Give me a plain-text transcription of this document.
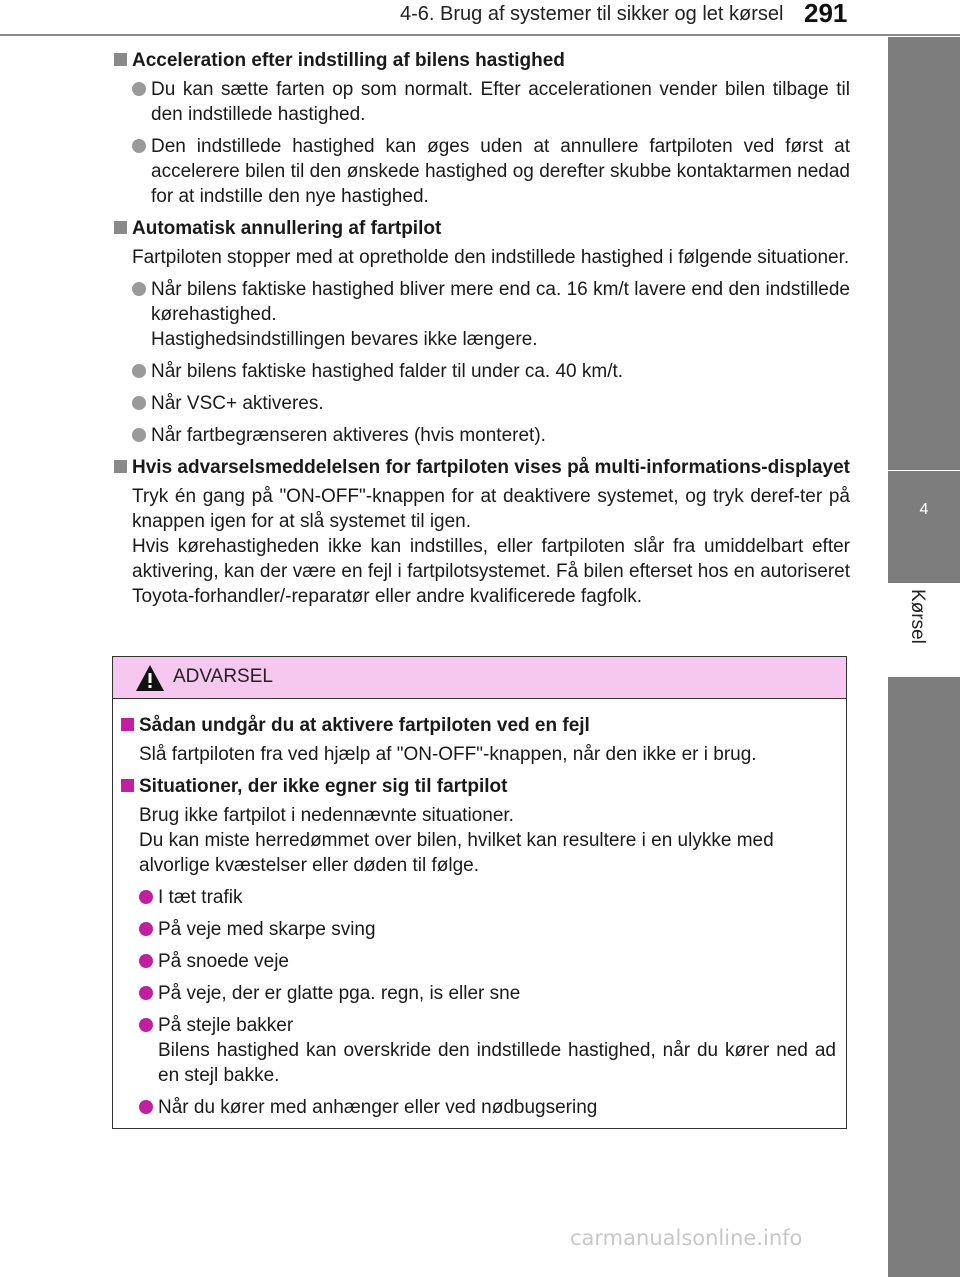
4-6. Brug af systemer til sikker og let kørsel 291
4
Kørsel
Acceleration efter indstilling af bilens hastighed
Du kan sætte farten op som normalt. Efter accelerationen vender bilen tilbage til den indstillede hastighed.
Den indstillede hastighed kan øges uden at annullere fartpiloten ved først at accelerere bilen til den ønskede hastighed og derefter skubbe kontaktarmen nedad for at indstille den nye hastighed.
Automatisk annullering af fartpilot
Fartpiloten stopper med at opretholde den indstillede hastighed i følgende situationer.
Når bilens faktiske hastighed bliver mere end ca. 16 km/t lavere end den indstillede kørehastighed.
Hastighedsindstillingen bevares ikke længere.
Når bilens faktiske hastighed falder til under ca. 40 km/t.
Når VSC+ aktiveres.
Når fartbegrænseren aktiveres (hvis monteret).
Hvis advarselsmeddelelsen for fartpiloten vises på multi-informations-displayet
Tryk én gang på "ON-OFF"-knappen for at deaktivere systemet, og tryk deref-ter på knappen igen for at slå systemet til igen.
Hvis kørehastigheden ikke kan indstilles, eller fartpiloten slår fra umiddelbart efter aktivering, kan der være en fejl i fartpilotsystemet. Få bilen efterset hos en autoriseret Toyota-forhandler/-reparatør eller andre kvalificerede fagfolk.
ADVARSEL
Sådan undgår du at aktivere fartpiloten ved en fejl
Slå fartpiloten fra ved hjælp af "ON-OFF"-knappen, når den ikke er i brug.
Situationer, der ikke egner sig til fartpilot
Brug ikke fartpilot i nedennævnte situationer.
Du kan miste herredømmet over bilen, hvilket kan resultere i en ulykke med alvorlige kvæstelser eller døden til følge.
I tæt trafik
På veje med skarpe sving
På snoede veje
På veje, der er glatte pga. regn, is eller sne
På stejle bakker
Bilens hastighed kan overskride den indstillede hastighed, når du kører ned ad en stejl bakke.
Når du kører med anhænger eller ved nødbugsering
carmanualsonline.info
